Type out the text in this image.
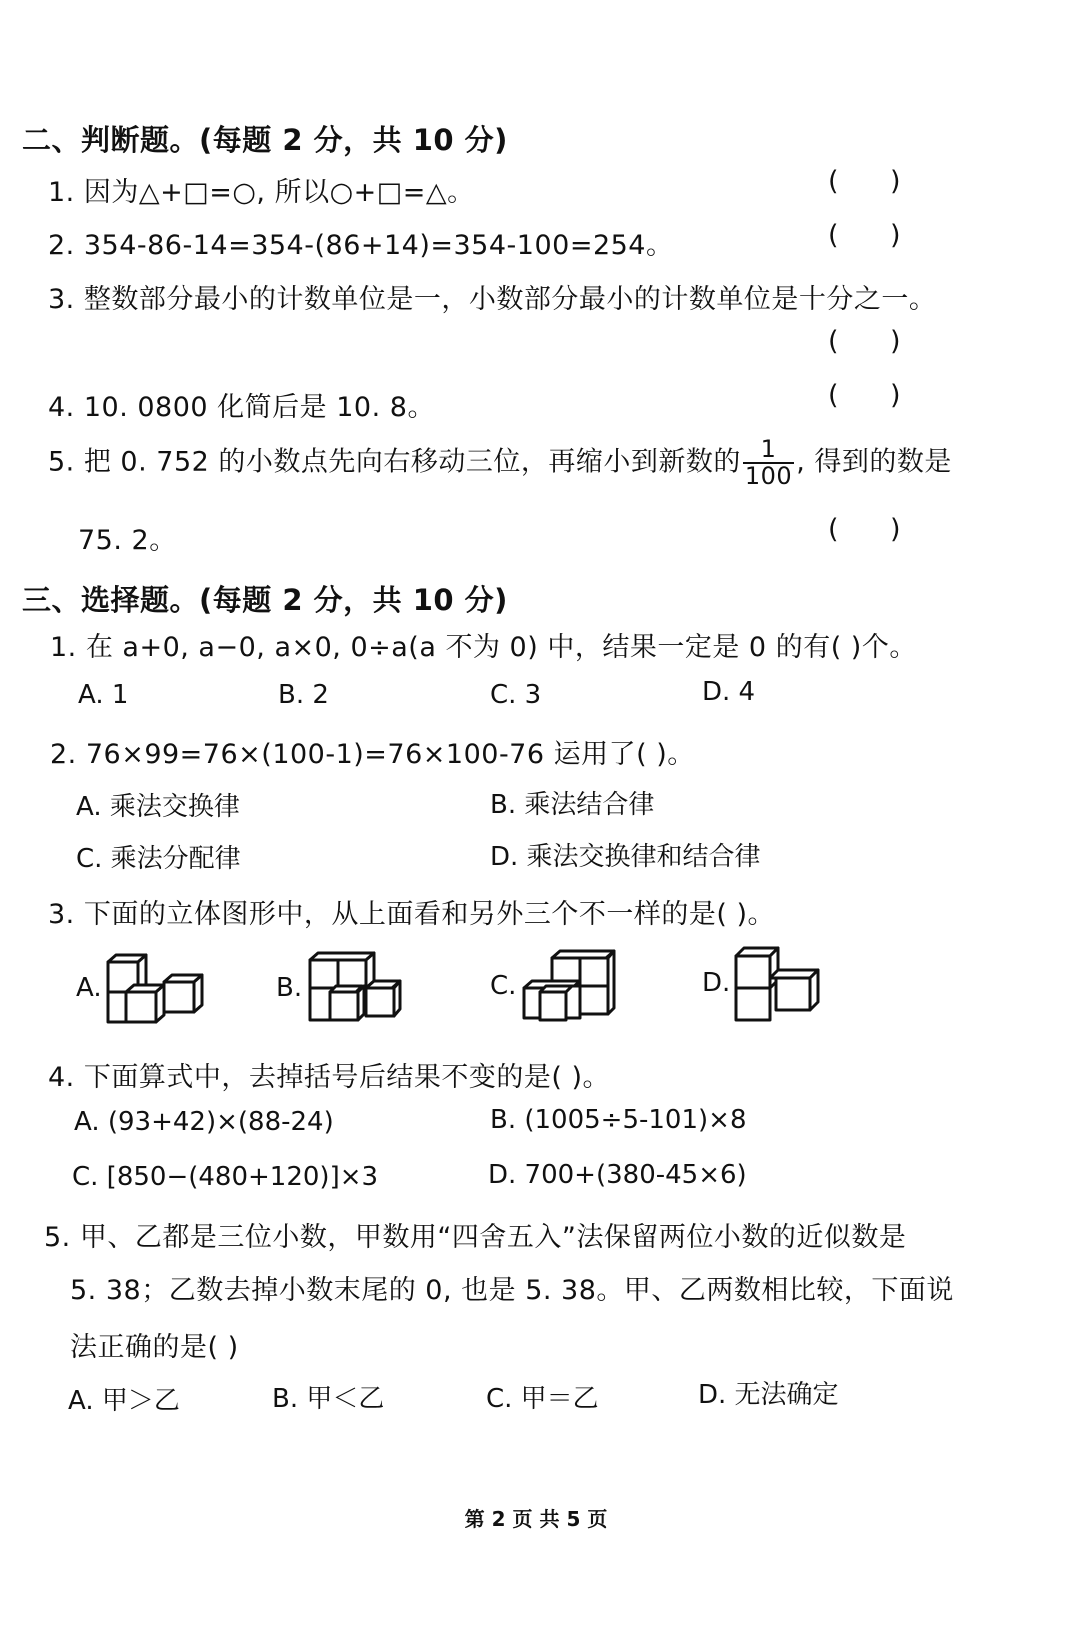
二、判断题。(每题 2 分，共 10 分)
1. 因为△+□=○, 所以○+□=△。	(      )
2. 354-86-14=354-(86+14)=354-100=254。	(      )
3. 整数部分最小的计数单位是一，小数部分最小的计数单位是十分之一。
(      )
4. 10. 0800 化简后是 10. 8。	(      )
5. 把 0. 752 的小数点先向右移动三位，再缩小到新数的 $\frac{1}{100}$ , 得到的数是
75. 2。	(      )
三、选择题。(每题 2 分，共 10 分)
1. 在 a+0, a−0, a×0, 0÷a(a 不为 0) 中，结果一定是 0 的有( )个。
A. 1	B. 2	C. 3	D. 4
2. 76×99=76×(100-1)=76×100-76 运用了( )。
A. 乘法交换律	B. 乘法结合律
C. 乘法分配律	D. 乘法交换律和结合律
3. 下面的立体图形中，从上面看和另外三个不一样的是( )。
A.	B.	C.	D.
4. 下面算式中，去掉括号后结果不变的是( )。
A. (93+42)×(88-24)	B. (1005÷5-101)×8
C. [850−(480+120)]×3	D. 700+(380-45×6)
5. 甲、乙都是三位小数，甲数用“四舍五入”法保留两位小数的近似数是
5. 38；乙数去掉小数末尾的 0, 也是 5. 38。甲、乙两数相比较，下面说
法正确的是( )
A. 甲＞乙	B. 甲＜乙	C. 甲＝乙	D. 无法确定
第 2 页 共 5 页
